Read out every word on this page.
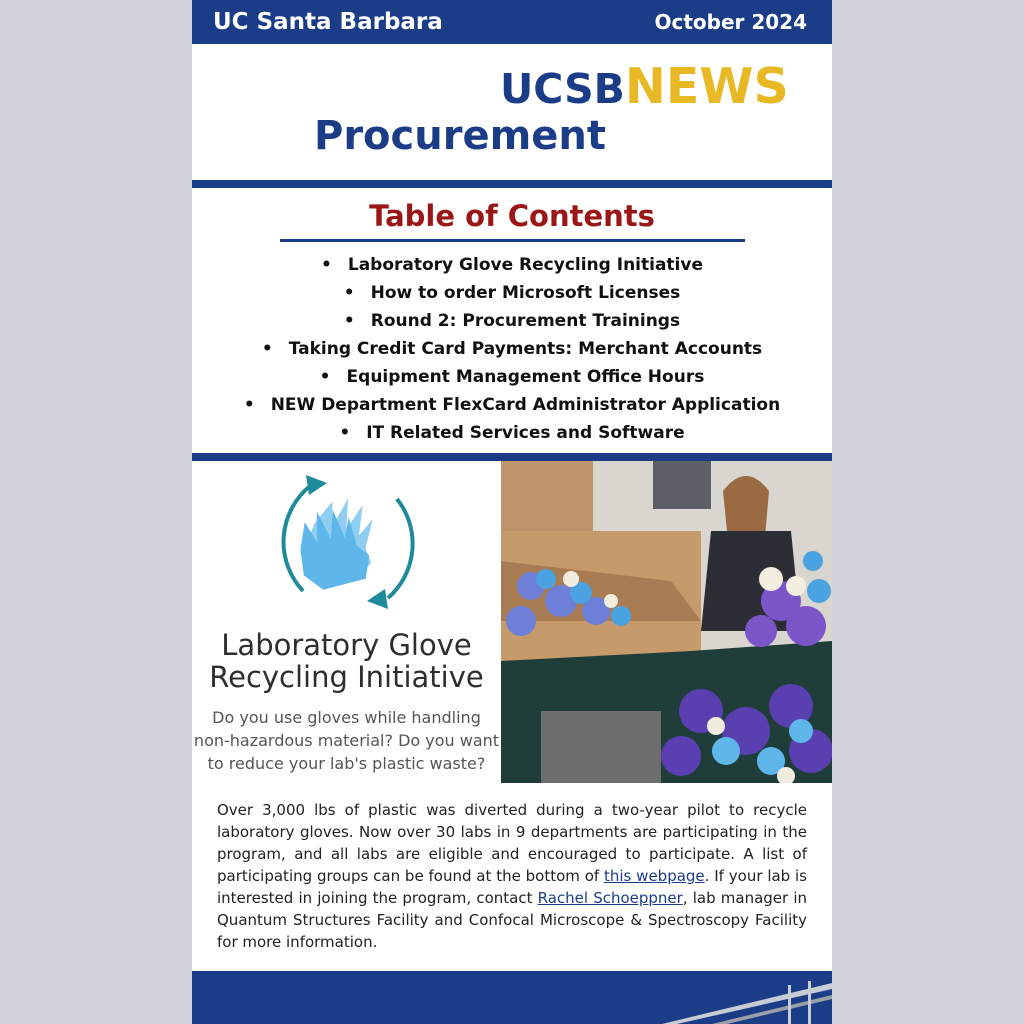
UC Santa Barbara	October 2024
UCSBNEWS
Procurement
Table of Contents
• Laboratory Glove Recycling Initiative
• How to order Microsoft Licenses
• Round 2: Procurement Trainings
• Taking Credit Card Payments: Merchant Accounts
• Equipment Management Office Hours
• NEW Department FlexCard Administrator Application
• IT Related Services and Software
Laboratory Glove
Recycling Initiative
Do you use gloves while handling
non-hazardous material? Do you want
to reduce your lab's plastic waste?
Over 3,000 lbs of plastic was diverted during a two-year pilot to recycle laboratory gloves. Now over 30 labs in 9 departments are participating in the program, and all labs are eligible and encouraged to participate. A list of participating groups can be found at the bottom of this webpage. If your lab is interested in joining the program, contact Rachel Schoeppner, lab manager in Quantum Structures Facility and Confocal Microscope & Spectroscopy Facility for more information.
